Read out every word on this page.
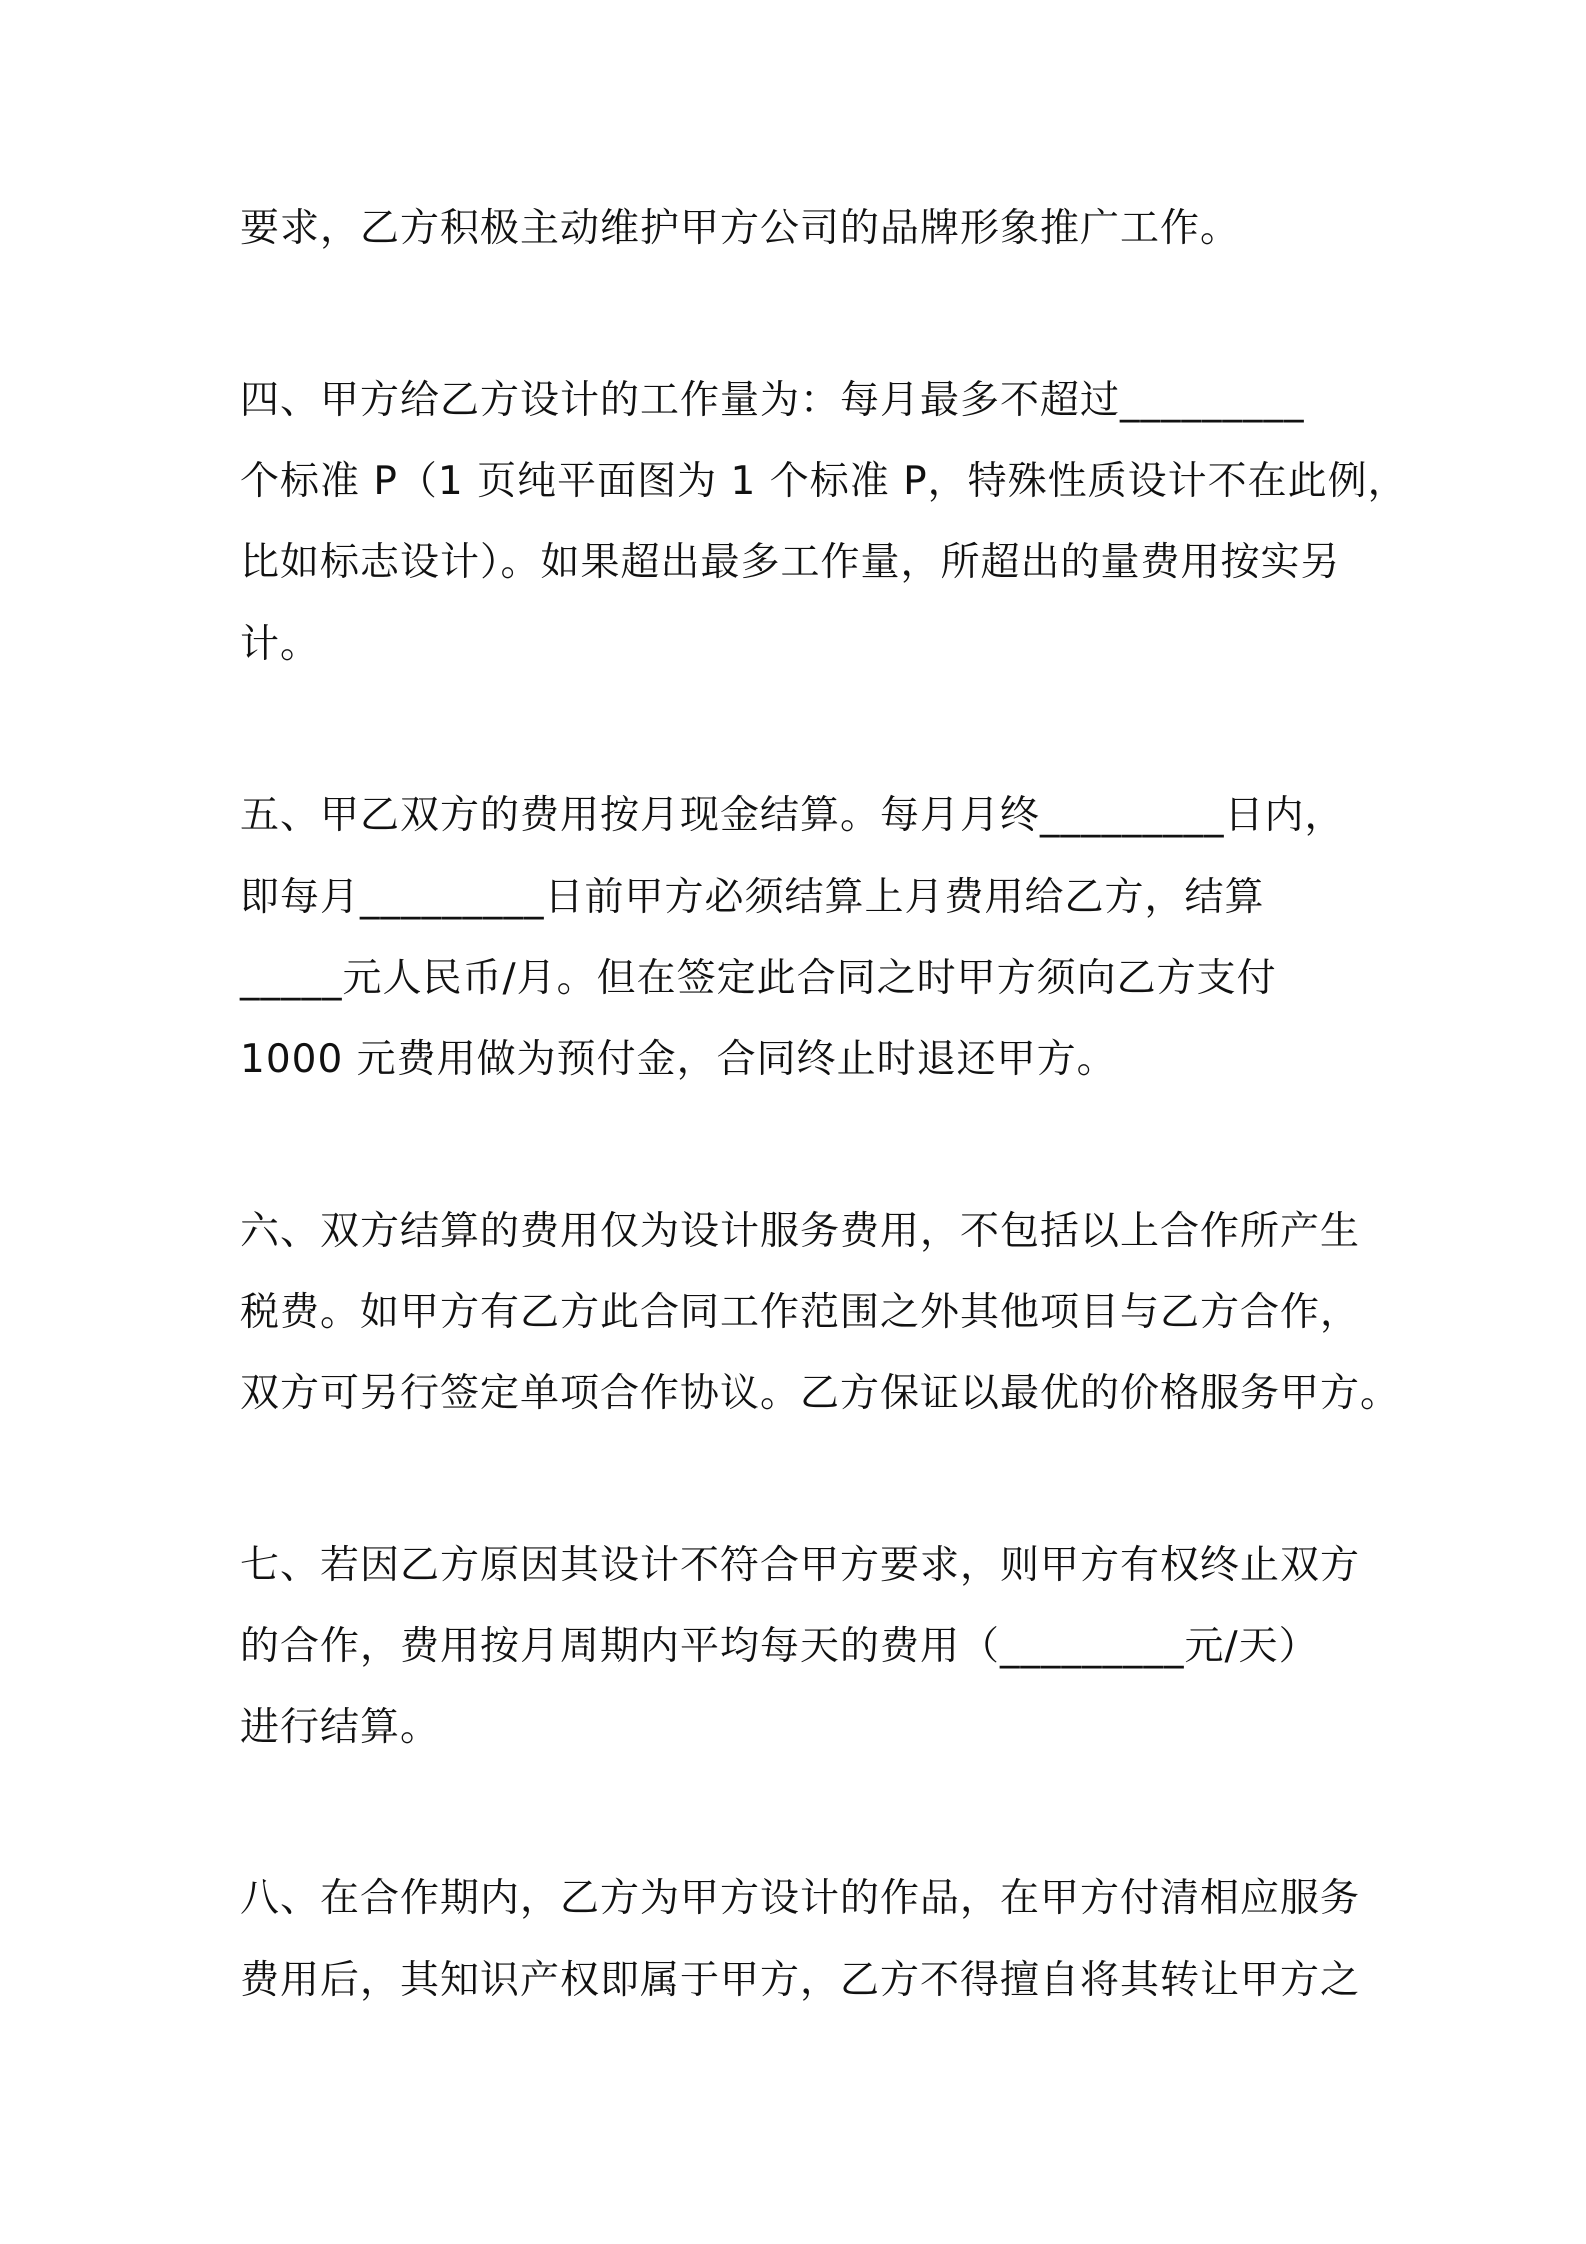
要求，乙方积极主动维护甲方公司的品牌形象推广工作。
四、甲方给乙方设计的工作量为：每月最多不超过_________
个标准 P（1 页纯平面图为 1 个标准 P，特殊性质设计不在此例，
比如标志设计）。如果超出最多工作量，所超出的量费用按实另
计。
五、甲乙双方的费用按月现金结算。每月月终_________日内，
即每月_________日前甲方必须结算上月费用给乙方，结算
_____元人民币/月。但在签定此合同之时甲方须向乙方支付
1000 元费用做为预付金，合同终止时退还甲方。
六、双方结算的费用仅为设计服务费用，不包括以上合作所产生
税费。如甲方有乙方此合同工作范围之外其他项目与乙方合作，
双方可另行签定单项合作协议。乙方保证以最优的价格服务甲方。
七、若因乙方原因其设计不符合甲方要求，则甲方有权终止双方
的合作，费用按月周期内平均每天的费用（_________元/天）
进行结算。
八、在合作期内，乙方为甲方设计的作品，在甲方付清相应服务
费用后，其知识产权即属于甲方，乙方不得擅自将其转让甲方之
